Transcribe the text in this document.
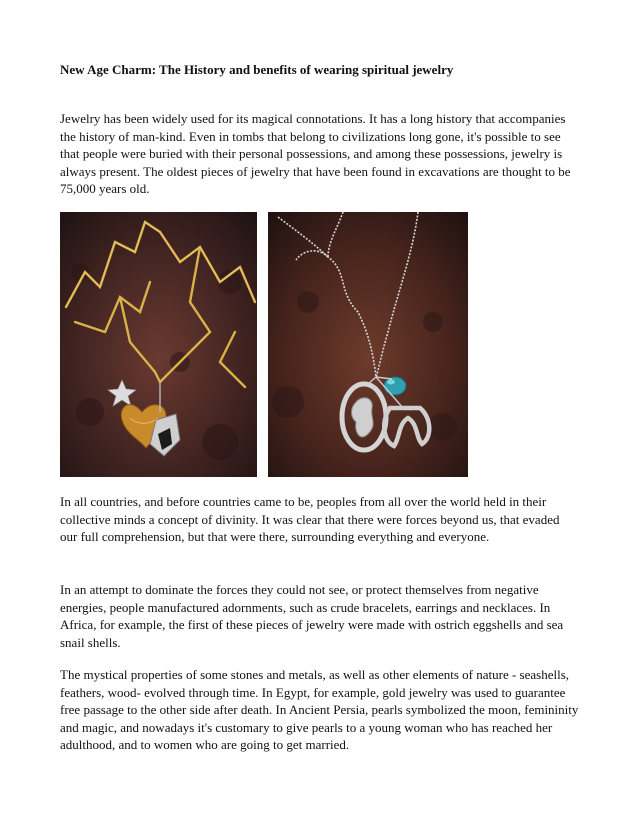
New Age Charm: The History and benefits of wearing spiritual jewelry

Jewelry has been widely used for its magical connotations. It has a long history that accompanies the history of man-kind. Even in tombs that belong to civilizations long gone, it's possible to see that people were buried with their personal possessions, and among these possessions, jewelry is always present. The oldest pieces of jewelry that have been found in excavations are thought to be 75,000 years old.

In all countries, and before countries came to be, peoples from all over the world held in their collective minds a concept of divinity. It was clear that there were forces beyond us, that evaded our full comprehension, but that were there, surrounding everything and everyone.

In an attempt to dominate the forces they could not see, or protect themselves from negative energies, people manufactured adornments, such as crude bracelets, earrings and necklaces. In Africa, for example, the first of these pieces of jewelry were made with ostrich eggshells and sea snail shells.

The mystical properties of some stones and metals, as well as other elements of nature - seashells, feathers, wood- evolved through time. In Egypt, for example, gold jewelry was used to guarantee free passage to the other side after death. In Ancient Persia, pearls symbolized the moon, femininity and magic, and nowadays it's customary to give pearls to a young woman who has reached her adulthood, and to women who are going to get married.
